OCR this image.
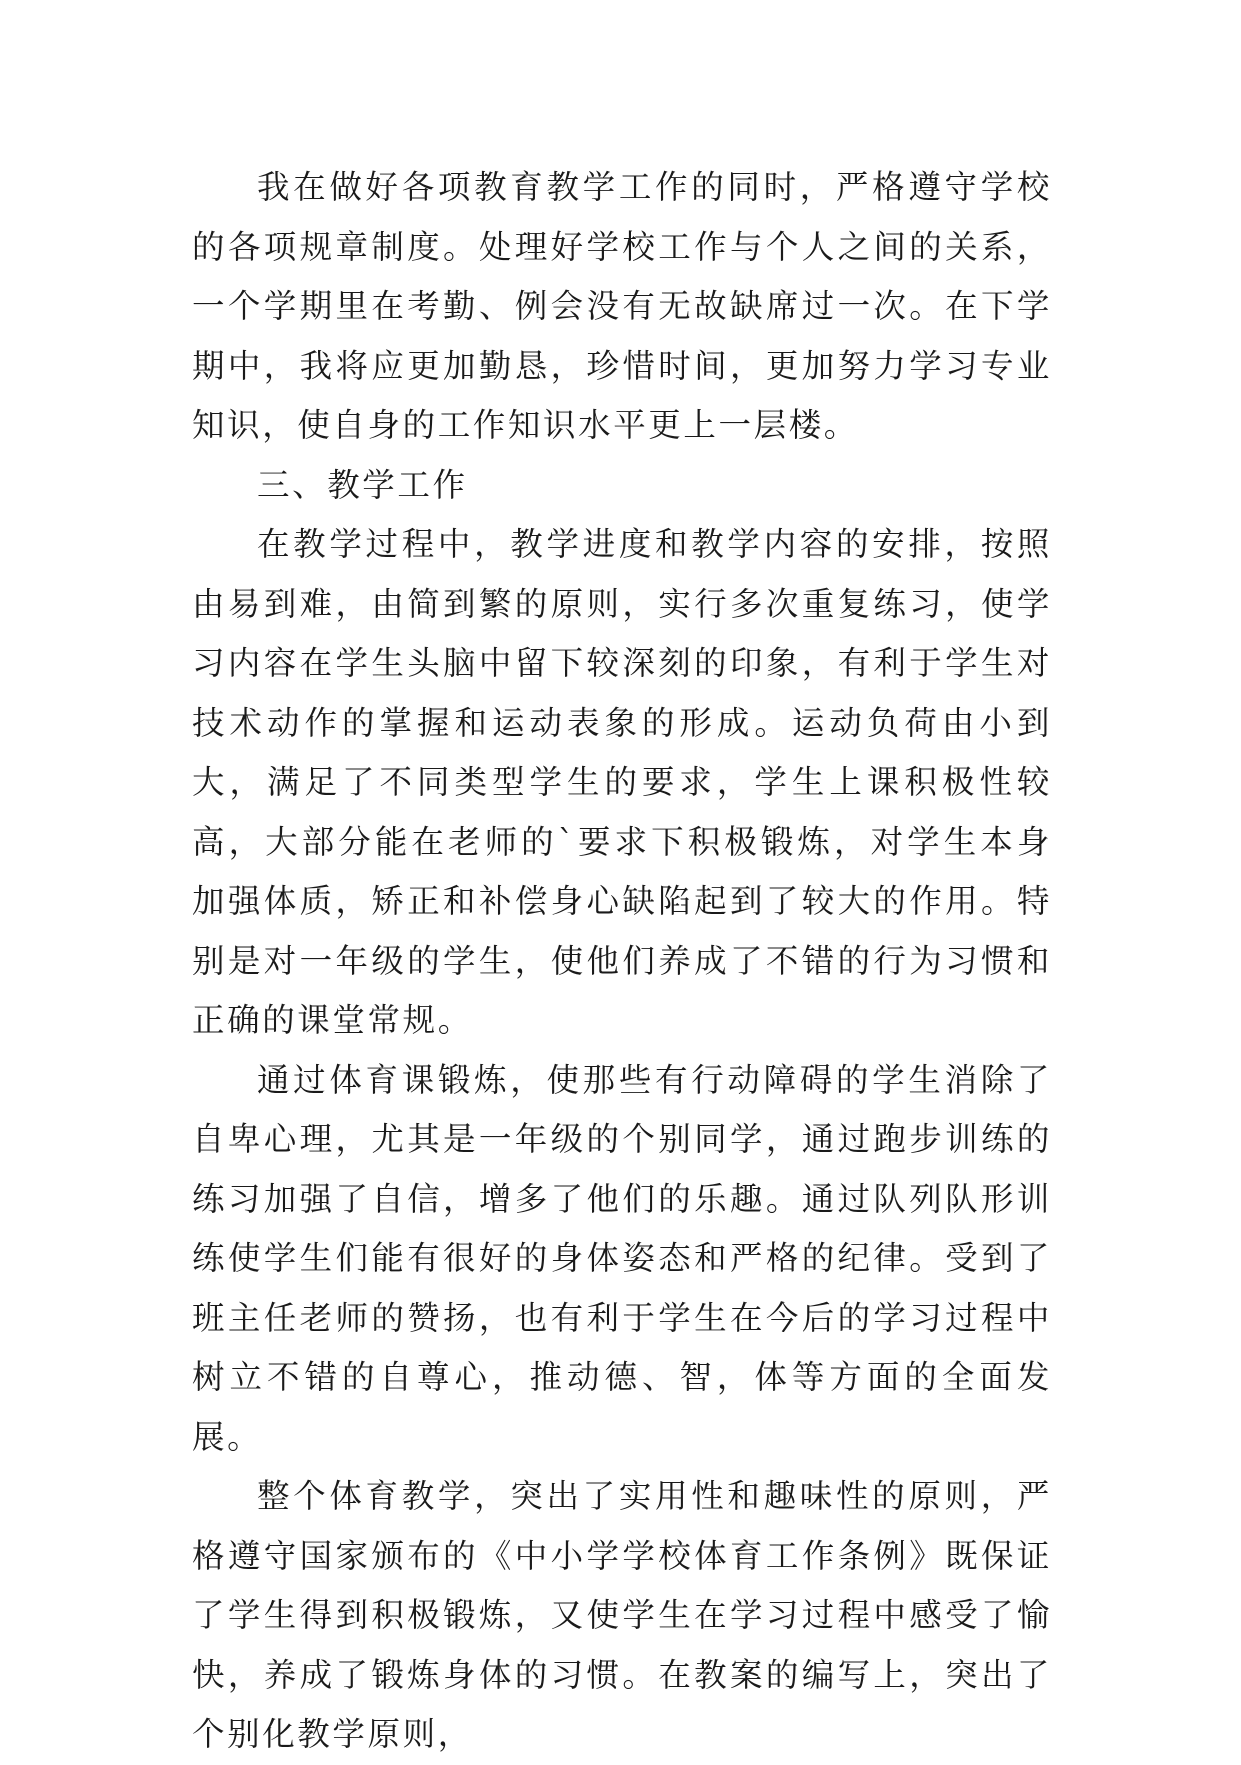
我在做好各项教育教学工作的同时，严格遵守学校的各项规章制度。处理好学校工作与个人之间的关系，一个学期里在考勤、例会没有无故缺席过一次。在下学期中，我将应更加勤恳，珍惜时间，更加努力学习专业知识，使自身的工作知识水平更上一层楼。

三、教学工作

在教学过程中，教学进度和教学内容的安排，按照由易到难，由简到繁的原则，实行多次重复练习，使学习内容在学生头脑中留下较深刻的印象，有利于学生对技术动作的掌握和运动表象的形成。运动负荷由小到大，满足了不同类型学生的要求，学生上课积极性较高，大部分能在老师的`要求下积极锻炼，对学生本身加强体质，矫正和补偿身心缺陷起到了较大的作用。特别是对一年级的学生，使他们养成了不错的行为习惯和正确的课堂常规。

通过体育课锻炼，使那些有行动障碍的学生消除了自卑心理，尤其是一年级的个别同学，通过跑步训练的练习加强了自信，增多了他们的乐趣。通过队列队形训练使学生们能有很好的身体姿态和严格的纪律。受到了班主任老师的赞扬，也有利于学生在今后的学习过程中树立不错的自尊心，推动德、智，体等方面的全面发展。

整个体育教学，突出了实用性和趣味性的原则，严格遵守国家颁布的《中小学学校体育工作条例》既保证了学生得到积极锻炼，又使学生在学习过程中感受了愉快，养成了锻炼身体的习惯。在教案的编写上，突出了个别化教学原则，
